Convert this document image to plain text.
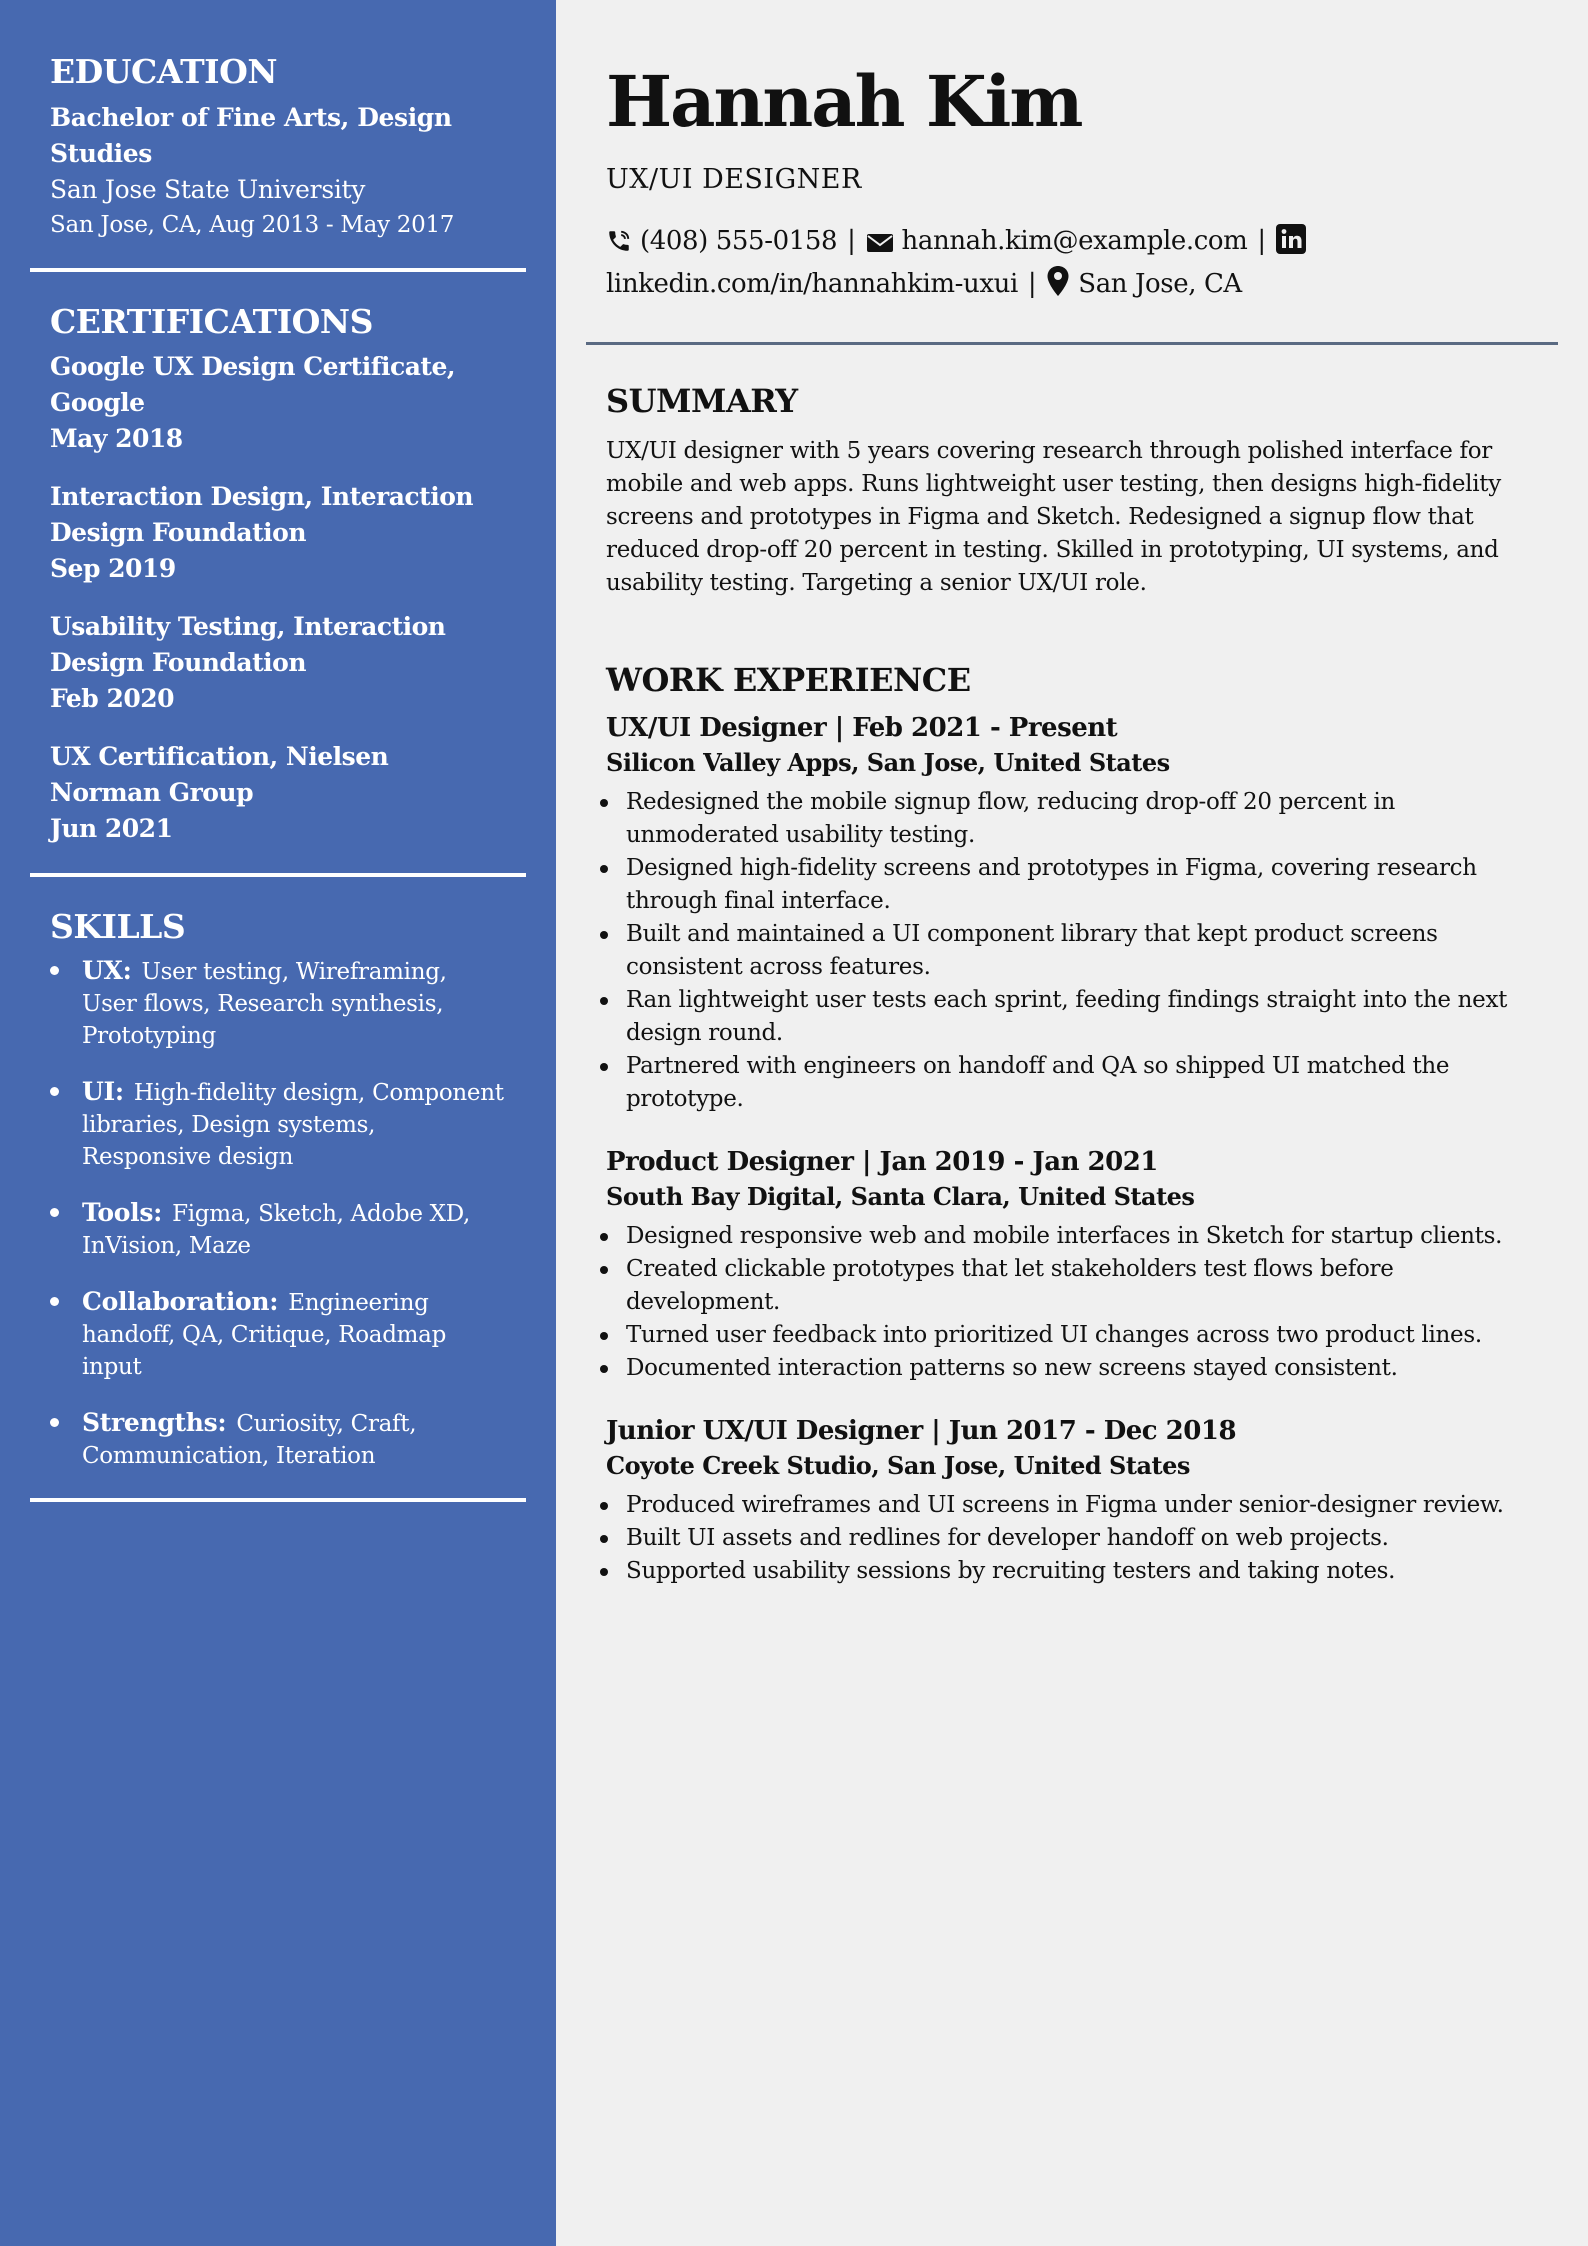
EDUCATION
Bachelor of Fine Arts, Design Studies
San Jose State University
San Jose, CA, Aug 2013 - May 2017
CERTIFICATIONS
Google UX Design Certificate, Google
May 2018
Interaction Design, Interaction Design Foundation
Sep 2019
Usability Testing, Interaction Design Foundation
Feb 2020
UX Certification, Nielsen Norman Group
Jun 2021
SKILLS
UX: User testing, Wireframing, User flows, Research synthesis, Prototyping
UI: High-fidelity design, Component libraries, Design systems, Responsive design
Tools: Figma, Sketch, Adobe XD, InVision, Maze
Collaboration: Engineering handoff, QA, Critique, Roadmap input
Strengths: Curiosity, Craft, Communication, Iteration
Hannah Kim
UX/UI DESIGNER
(408) 555-0158 | hannah.kim@example.com |linkedin.com/in/hannahkim-uxui | San Jose, CA
SUMMARY

UX/UI designer with 5 years covering research through polished interface for mobile and web apps. Runs lightweight user testing, then designs high-fidelity screens and prototypes in Figma and Sketch. Redesigned a signup flow that reduced drop-off 20 percent in testing. Skilled in prototyping, UI systems, and usability testing. Targeting a senior UX/UI role.

WORK EXPERIENCE
UX/UI Designer | Feb 2021 - Present
Silicon Valley Apps, San Jose, United States
Redesigned the mobile signup flow, reducing drop-off 20 percent in unmoderated usability testing.
Designed high-fidelity screens and prototypes in Figma, covering research through final interface.
Built and maintained a UI component library that kept product screens consistent across features.
Ran lightweight user tests each sprint, feeding findings straight into the next design round.
Partnered with engineers on handoff and QA so shipped UI matched the prototype.
Product Designer | Jan 2019 - Jan 2021
South Bay Digital, Santa Clara, United States
Designed responsive web and mobile interfaces in Sketch for startup clients.
Created clickable prototypes that let stakeholders test flows before development.
Turned user feedback into prioritized UI changes across two product lines.
Documented interaction patterns so new screens stayed consistent.
Junior UX/UI Designer | Jun 2017 - Dec 2018
Coyote Creek Studio, San Jose, United States
Produced wireframes and UI screens in Figma under senior-designer review.
Built UI assets and redlines for developer handoff on web projects.
Supported usability sessions by recruiting testers and taking notes.
